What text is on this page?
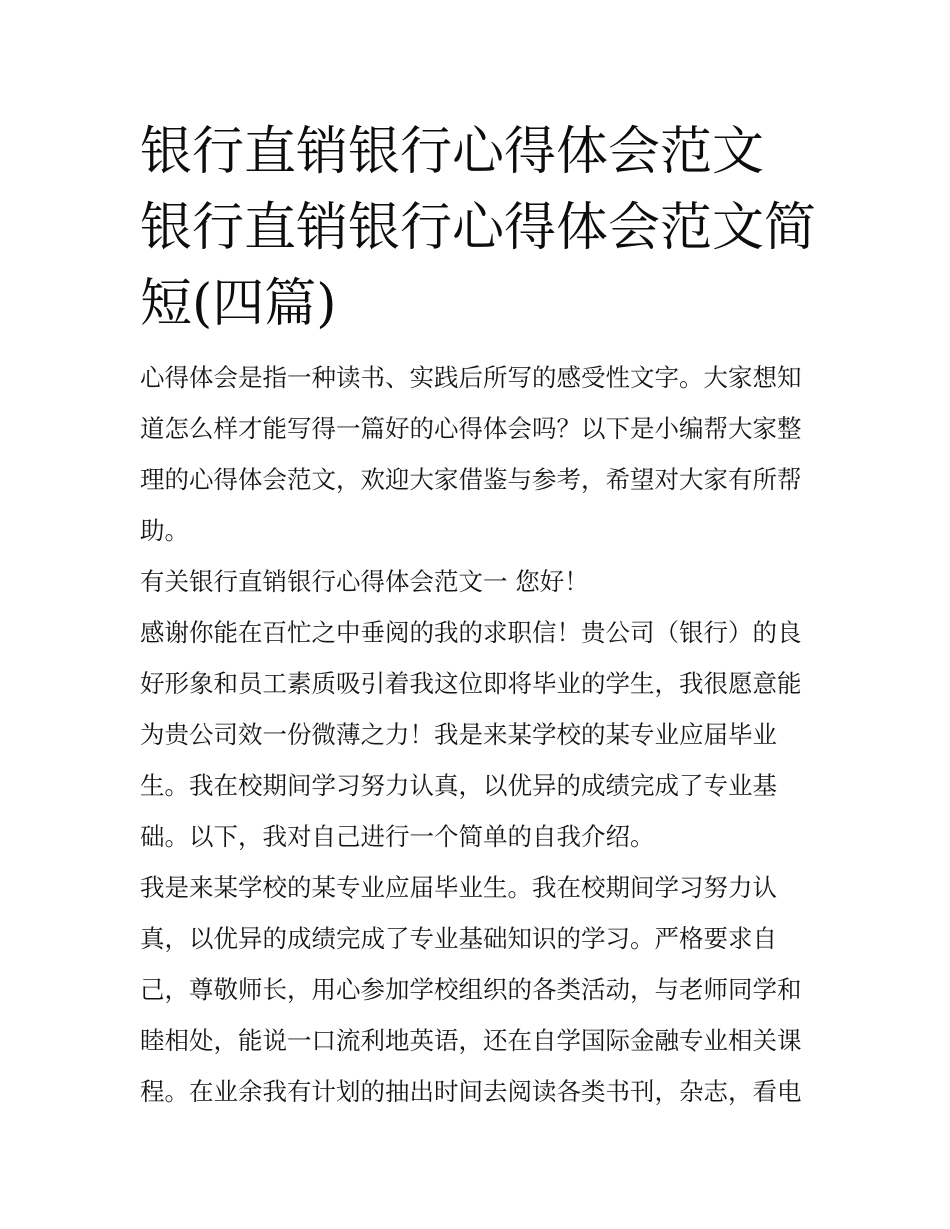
银行直销银行心得体会范文 银行直销银行心得体会范文简短(四篇)

心得体会是指一种读书、实践后所写的感受性文字。大家想知道怎么样才能写得一篇好的心得体会吗？以下是小编帮大家整理的心得体会范文，欢迎大家借鉴与参考，希望对大家有所帮助。

有关银行直销银行心得体会范文一 您好！

感谢你能在百忙之中垂阅的我的求职信！贵公司（银行）的良好形象和员工素质吸引着我这位即将毕业的学生，我很愿意能为贵公司效一份微薄之力！我是来某学校的某专业应届毕业生。我在校期间学习努力认真，以优异的成绩完成了专业基础。以下，我对自己进行一个简单的自我介绍。

我是来某学校的某专业应届毕业生。我在校期间学习努力认真，以优异的成绩完成了专业基础知识的学习。严格要求自己，尊敬师长，用心参加学校组织的各类活动，与老师同学和睦相处，能说一口流利地英语，还在自学国际金融专业相关课程。在业余我有计划的抽出时间去阅读各类书刊，杂志，看电
